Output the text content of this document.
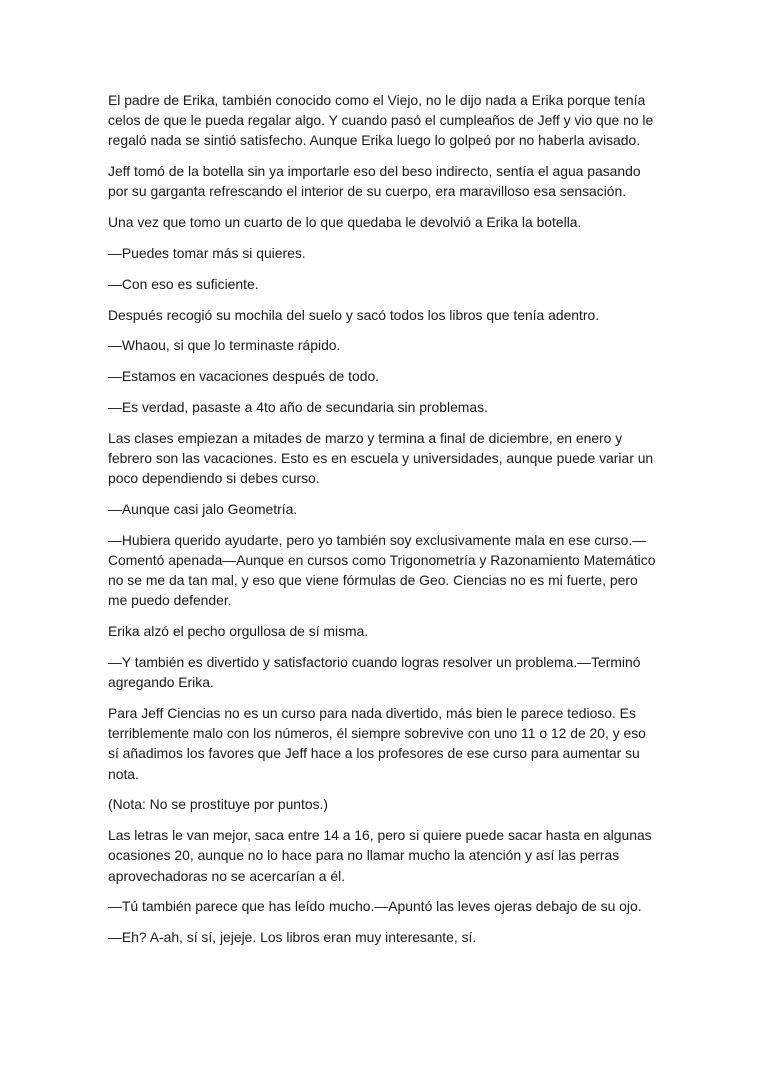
El padre de Erika, también conocido como el Viejo, no le dijo nada a Erika porque tenía celos de que le pueda regalar algo. Y cuando pasó el cumpleaños de Jeff y vio que no le regaló nada se sintió satisfecho. Aunque Erika luego lo golpeó por no haberla avisado.

Jeff tomó de la botella sin ya importarle eso del beso indirecto, sentía el agua pasando por su garganta refrescando el interior de su cuerpo, era maravilloso esa sensación.

Una vez que tomo un cuarto de lo que quedaba le devolvió a Erika la botella.

—Puedes tomar más si quieres.

—Con eso es suficiente.

Después recogió su mochila del suelo y sacó todos los libros que tenía adentro.

—Whaou, si que lo terminaste rápido.

—Estamos en vacaciones después de todo.

—Es verdad, pasaste a 4to año de secundaria sin problemas.

Las clases empiezan a mitades de marzo y termina a final de diciembre, en enero y febrero son las vacaciones. Esto es en escuela y universidades, aunque puede variar un poco dependiendo si debes curso.

—Aunque casi jalo Geometría.

—Hubiera querido ayudarte, pero yo también soy exclusivamente mala en ese curso.—Comentó apenada—Aunque en cursos como Trigonometría y Razonamiento Matemático no se me da tan mal, y eso que viene fórmulas de Geo. Ciencias no es mi fuerte, pero me puedo defender.

Erika alzó el pecho orgullosa de sí misma.

—Y también es divertido y satisfactorio cuando logras resolver un problema.—Terminó agregando Erika.

Para Jeff Ciencias no es un curso para nada divertido, más bien le parece tedioso. Es terriblemente malo con los números, él siempre sobrevive con uno 11 o 12 de 20, y eso sí añadimos los favores que Jeff hace a los profesores de ese curso para aumentar su nota.

(Nota: No se prostituye por puntos.)

Las letras le van mejor, saca entre 14 a 16, pero si quiere puede sacar hasta en algunas ocasiones 20, aunque no lo hace para no llamar mucho la atención y así las perras aprovechadoras no se acercarían a él.

—Tú también parece que has leído mucho.—Apuntó las leves ojeras debajo de su ojo.

—Eh? A-ah, sí sí, jejeje. Los libros eran muy interesante, sí.
